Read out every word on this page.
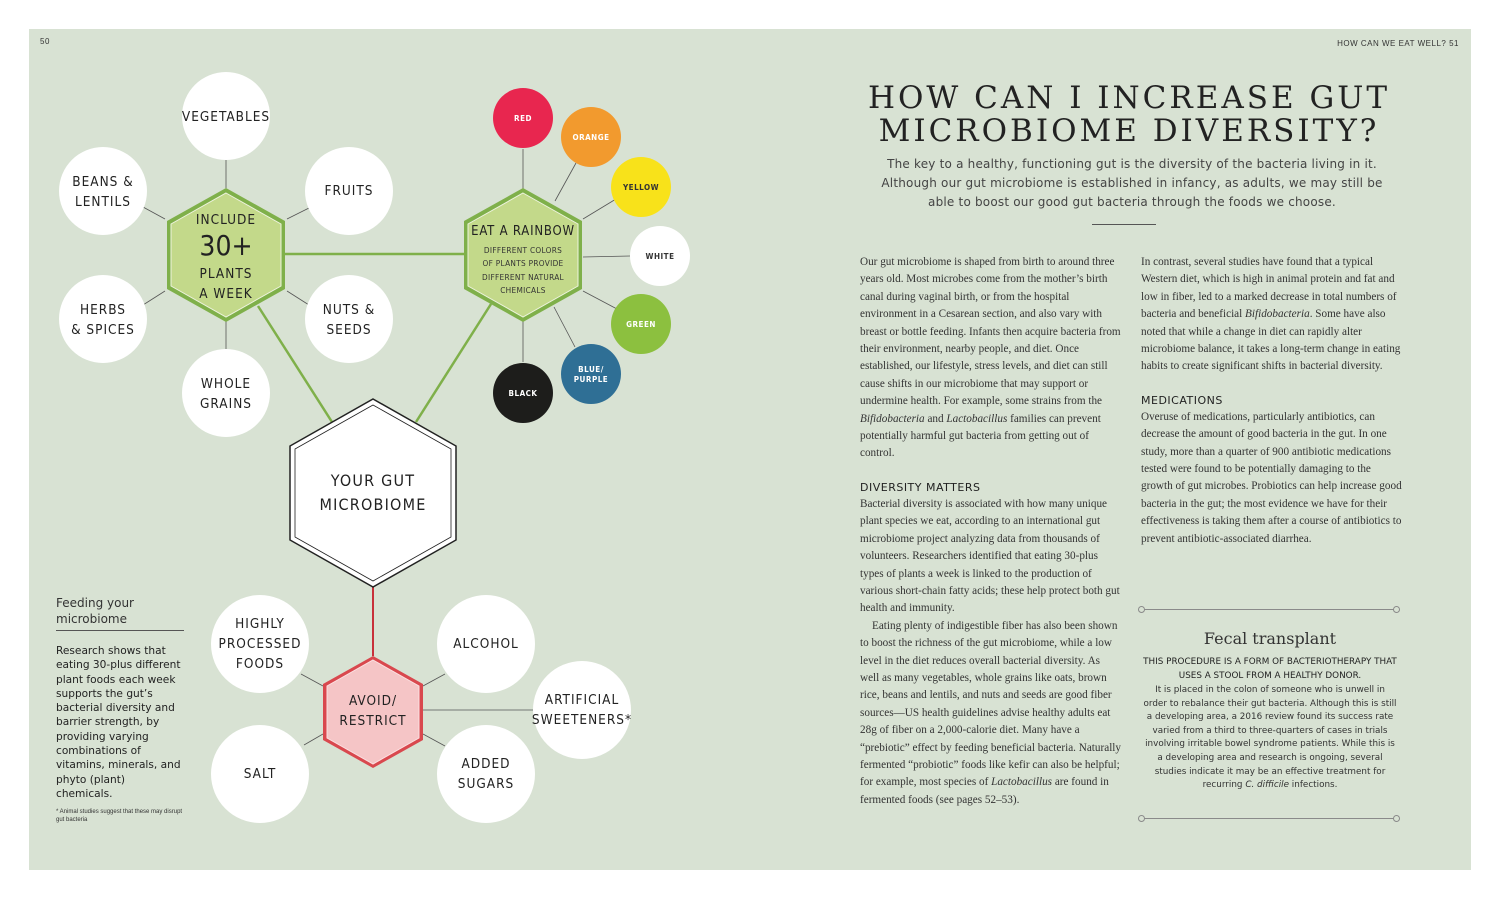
50	HOW CAN WE EAT WELL? 51
VEGETABLES
FRUITS
NUTS &
SEEDS
WHOLE
GRAINS
HERBS
& SPICES
BEANS &
LENTILS
INCLUDE
30+
PLANTS
A WEEK
RED
ORANGE
YELLOW
WHITE
GREEN
BLUE/
PURPLE
BLACK
EAT A RAINBOW
DIFFERENT COLORS
OF PLANTS PROVIDE
DIFFERENT NATURAL
CHEMICALS
YOUR GUT
MICROBIOME
HIGHLY
PROCESSED
FOODS
ALCOHOL
ARTIFICIAL
SWEETENERS*
ADDED
SUGARS
SALT
AVOID/
RESTRICT
Feeding your microbiome
Research shows that eating 30-plus different plant foods each week supports the gut’s bacterial diversity and barrier strength, by providing varying combinations of vitamins, minerals, and phyto (plant) chemicals.
* Animal studies suggest that these may disrupt gut bacteria
HOW CAN I INCREASE GUT
MICROBIOME DIVERSITY?
The key to a healthy, functioning gut is the diversity of the bacteria living in it. Although our gut microbiome is established in infancy, as adults, we may still be able to boost our good gut bacteria through the foods we choose.

Our gut microbiome is shaped from birth to around three years old. Most microbes come from the mother’s birth canal during vaginal birth, or from the hospital environment in a Cesarean section, and also vary with breast or bottle feeding. Infants then acquire bacteria from their environment, nearby people, and diet. Once established, our lifestyle, stress levels, and diet can still cause shifts in our microbiome that may support or undermine health. For example, some strains from the Bifidobacteria and Lactobacillus families can prevent potentially harmful gut bacteria from getting out of control.

DIVERSITY MATTERS

Bacterial diversity is associated with how many unique plant species we eat, according to an international gut microbiome project analyzing data from thousands of volunteers. Researchers identified that eating 30-plus types of plants a week is linked to the production of various short-chain fatty acids; these help protect both gut health and immunity.

Eating plenty of indigestible fiber has also been shown to boost the richness of the gut microbiome, while a low level in the diet reduces overall bacterial diversity. As well as many vegetables, whole grains like oats, brown rice, beans and lentils, and nuts and seeds are good fiber sources—US health guidelines advise healthy adults eat 28g of fiber on a 2,000-calorie diet. Many have a “prebiotic” effect by feeding beneficial bacteria. Naturally fermented “probiotic” foods like kefir can also be helpful; for example, most species of Lactobacillus are found in fermented foods (see pages 52–53).

In contrast, several studies have found that a typical Western diet, which is high in animal protein and fat and low in fiber, led to a marked decrease in total numbers of bacteria and beneficial Bifidobacteria. Some have also noted that while a change in diet can rapidly alter microbiome balance, it takes a long-term change in eating habits to create significant shifts in bacterial diversity.

MEDICATIONS

Overuse of medications, particularly antibiotics, can decrease the amount of good bacteria in the gut. In one study, more than a quarter of 900 antibiotic medications tested were found to be potentially damaging to the growth of gut microbes. Probiotics can help increase good bacteria in the gut; the most evidence we have for their effectiveness is taking them after a course of antibiotics to prevent antibiotic-associated diarrhea.

Fecal transplant
THIS PROCEDURE IS A FORM OF BACTERIOTHERAPY THAT USES A STOOL FROM A HEALTHY DONOR.
It is placed in the colon of someone who is unwell in order to rebalance their gut bacteria. Although this is still a developing area, a 2016 review found its success rate varied from a third to three-quarters of cases in trials involving irritable bowel syndrome patients. While this is a developing area and research is ongoing, several studies indicate it may be an effective treatment for recurring C. difficile infections.
